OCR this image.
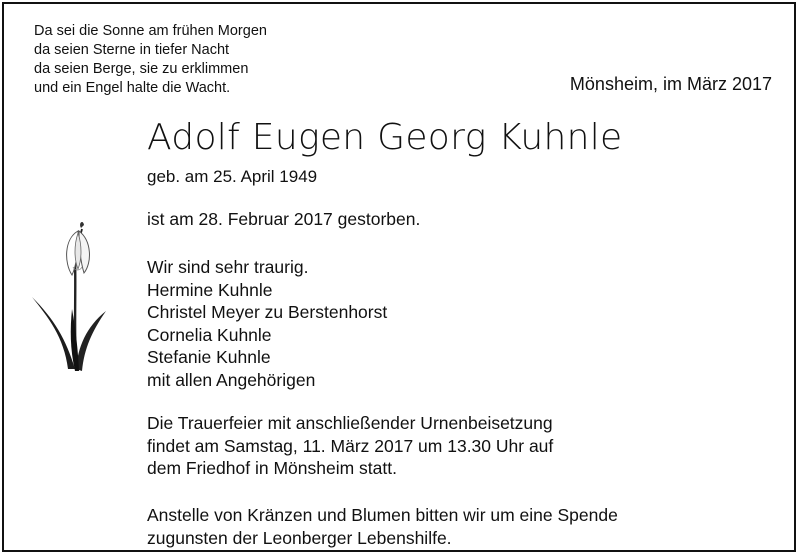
Da sei die Sonne am frühen Morgen
da seien Sterne in tiefer Nacht
da seien Berge, sie zu erklimmen
und ein Engel halte die Wacht.	Mönsheim, im März 2017
Adolf Eugen Georg Kuhnle
geb. am 25. April 1949
ist am 28. Februar 2017 gestorben.
Wir sind sehr traurig.
Hermine Kuhnle
Christel Meyer zu Berstenhorst
Cornelia Kuhnle
Stefanie Kuhnle
mit allen Angehörigen
Die Trauerfeier mit anschließender Urnenbeisetzung
findet am Samstag, 11. März 2017 um 13.30 Uhr auf
dem Friedhof in Mönsheim statt.
Anstelle von Kränzen und Blumen bitten wir um eine Spende
zugunsten der Leonberger Lebenshilfe.
